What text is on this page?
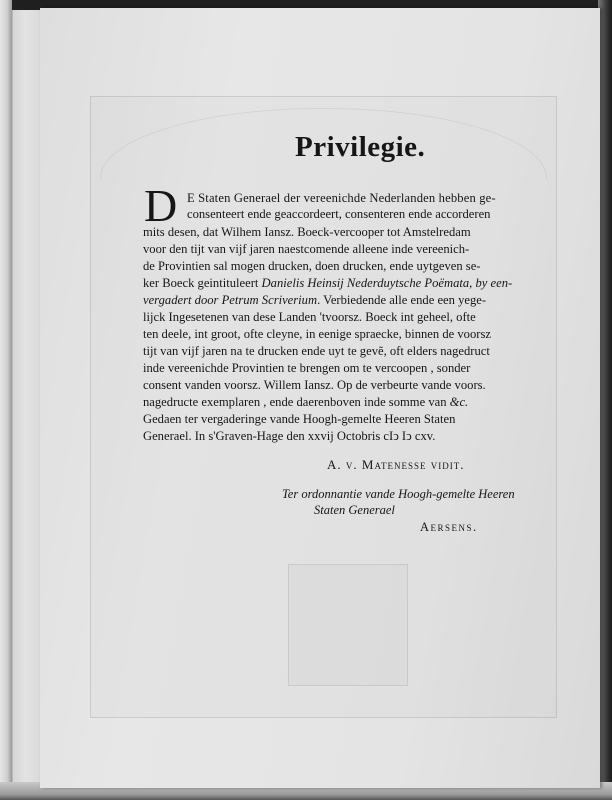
Privilegie.
D E Staten Generael der vereenichde Nederlanden hebben ge-

consenteert ende geaccordeert, consenteren ende accorderen

mits desen, dat Wilhem Iansz. Boeck-vercooper tot Amstelredam

voor den tijt van vijf jaren naestcomende alleene inde vereenich-

de Provintien sal mogen drucken, doen drucken, ende uytgeven se-

ker Boeck geintituleert Danielis Heinsij Nederduytsche Poëmata, by een-

vergadert door Petrum Scriverium. Verbiedende alle ende een yege-

lijck Ingesetenen van dese Landen 'tvoorsz. Boeck int geheel, ofte

ten deele, int groot, ofte cleyne, in eenige spraecke, binnen de voorsz

tijt van vijf jaren na te drucken ende uyt te gevẽ, oft elders nagedruct

inde vereenichde Provintien te brengen om te vercoopen , sonder

consent vanden voorsz. Willem Iansz. Op de verbeurte vande voors.

nagedructe exemplaren , ende daerenboven inde somme van &c.

Gedaen ter vergaderinge vande Hoogh-gemelte Heeren Staten

Generael. In s'Graven-Hage den xxvij Octobris cIↄ Iↄ cxv.

A. v. Matenesse vidit.

Ter ordonnantie vande Hoogh-gemelte Heeren

Staten Generael

Aersens.
